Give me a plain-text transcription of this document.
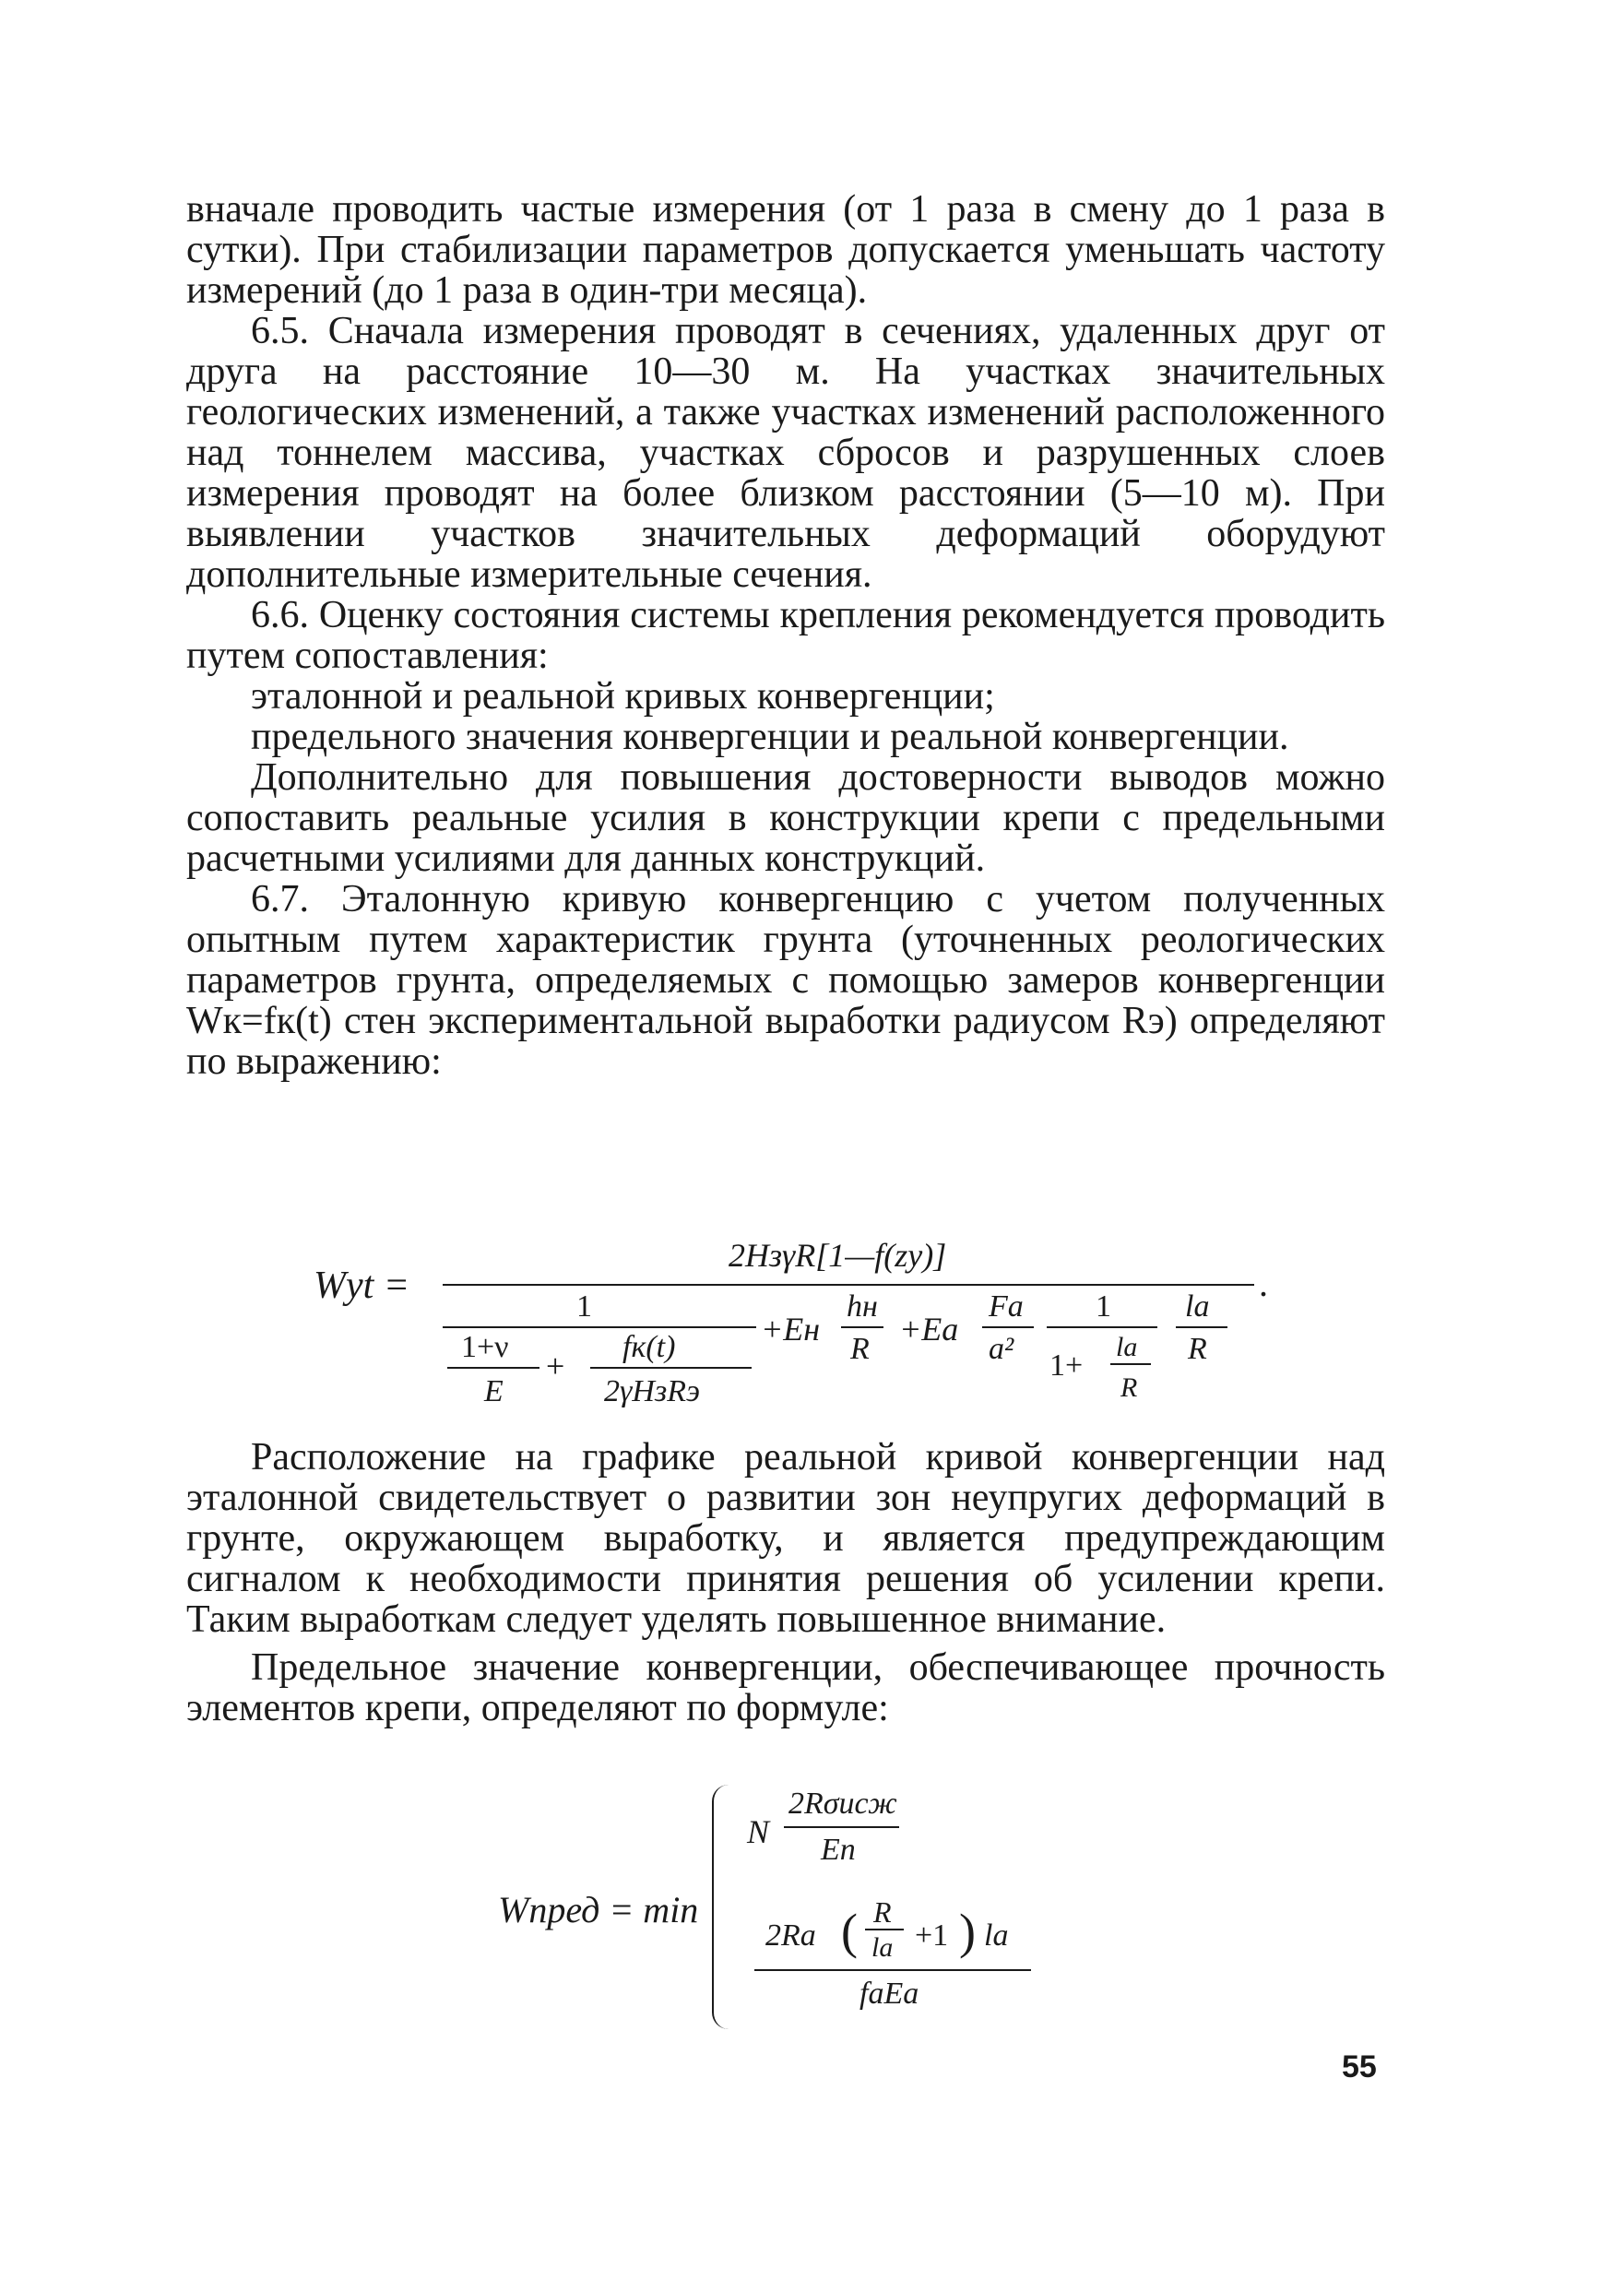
вначале проводить частые измерения (от 1 раза в смену до 1 раза в сутки). При стабилизации параметров допускается уменьшать частоту измерений (до 1 раза в один-три месяца).

6.5. Сначала измерения проводят в сечениях, удаленных друг от друга на расстояние 10—30 м. На участках значительных геологических изменений, а также участках изменений расположенного над тоннелем массива, участках сбросов и разрушенных слоев измерения проводят на более близком расстоянии (5—10 м). При выявлении участков значительных деформаций оборудуют дополнительные измерительные сечения.

6.6. Оценку состояния системы крепления рекомендуется проводить путем сопоставления:

эталонной и реальной кривых конвергенции;

предельного значения конвергенции и реальной конвергенции.

Дополнительно для повышения достоверности выводов можно сопоставить реальные усилия в конструкции крепи с предельными расчетными усилиями для данных конструкций.

6.7. Эталонную кривую конвергенцию с учетом полученных опытным путем характеристик грунта (уточненных реологических параметров грунта, определяемых с помощью замеров конвергенции Wк=fк(t) стен экспериментальной выработки радиусом Rэ) определяют по выражению:

Wуt =
2HзγR[1—f(zу)]
.
1
1+ν
E
+
fк(t)
2γHзRэ
+Eн
hн
R
+Eа
Fа
a²
1
1+
lа
R
lа
R

Расположение на графике реальной кривой конвергенции над эталонной свидетельствует о развитии зон неупругих деформаций в грунте, окружающем выработку, и является предупреждающим сигналом к необходимости принятия решения об усилении крепи. Таким выработкам следует уделять повышенное внимание.

Предельное значение конвергенции, обеспечивающее прочность элементов крепи, определяют по формуле:

Wпред = min
N
2Rσисж
Eп
2Rа ( R
lа +1 ) lа
fаEа
55
